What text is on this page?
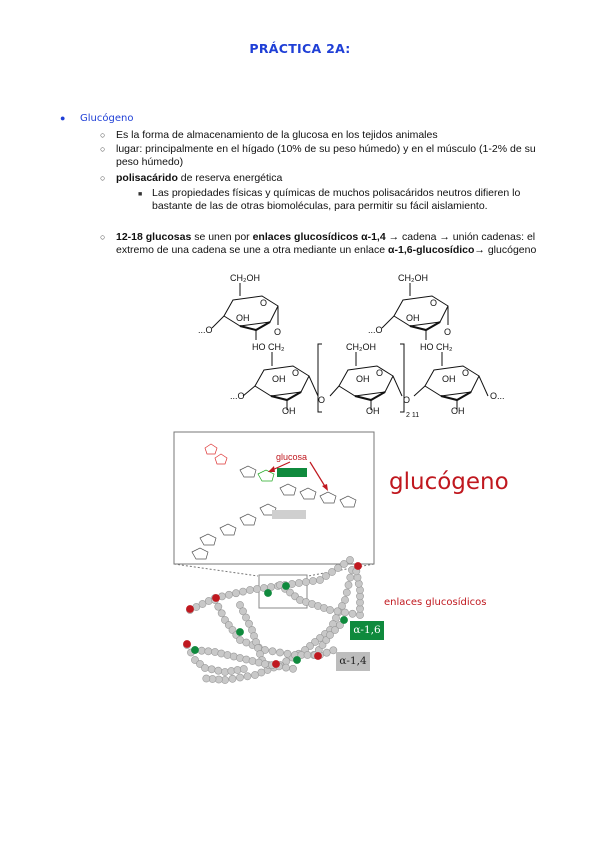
PRÁCTICA 2A:
● Glucógeno
○ Es la forma de almacenamiento de la glucosa en los tejidos animales
○ lugar: principalmente en el hígado (10% de su peso húmedo) y en el músculo (1-2% de su
peso húmedo)
○ polisacárido de reserva energética
■ Las propiedades físicas y químicas de muchos polisacáridos neutros difieren lo
bastante de las de otras biomoléculas, para permitir su fácil aislamiento.
○ 12-18 glucosas se unen por enlaces glucosídicos α-1,4 → cadena → unión cadenas: el
extremo de una cadena se une a otra mediante un enlace α-1,6-glucosídico→ glucógeno
CH₂OH
O
...O
OH
O
HO CH₂
CH₂OH
O
...O
OH
O
HO CH₂
CH₂OH
O	O	O
OH	OH	OH
...O	O	O	O...
OH	OH	OH
2 11
glucosa
glucógeno
enlaces glucosídicos
α-1,6
α-1,4
